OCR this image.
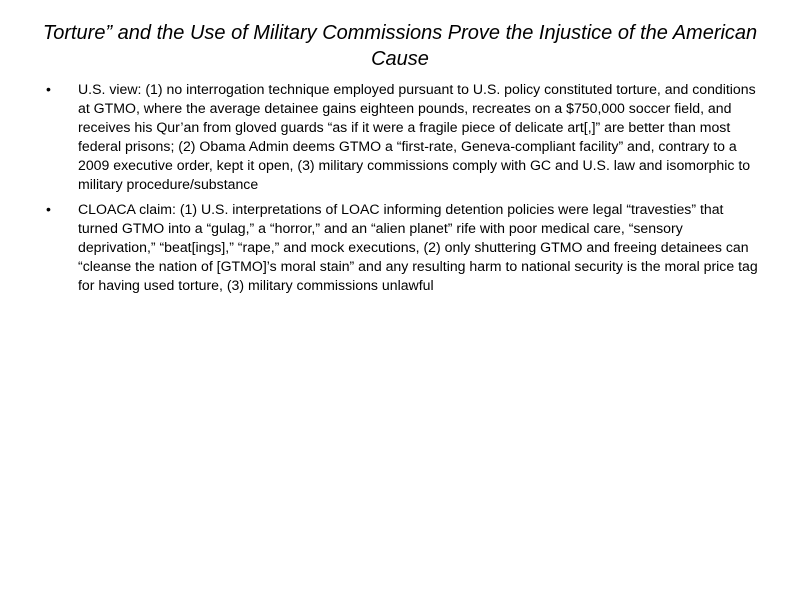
Torture” and the Use of Military Commissions Prove the Injustice of the American Cause
•	U.S. view: (1) no interrogation technique employed pursuant to U.S. policy constituted torture, and conditions at GTMO, where the average detainee gains eighteen pounds, recreates on a $750,000 soccer field, and receives his Qur’an from gloved guards “as if it were a fragile piece of delicate art[,]” are better than most federal prisons; (2) Obama Admin deems GTMO a “first-rate, Geneva-compliant facility” and, contrary to a 2009 executive order, kept it open, (3) military commissions comply with GC and U.S. law and isomorphic to military procedure/substance
•	CLOACA claim: (1) U.S. interpretations of LOAC informing detention policies were legal “travesties” that turned GTMO into a “gulag,” a “horror,” and an “alien planet” rife with poor medical care, “sensory deprivation,” “beat[ings],” “rape,” and mock executions, (2) only shuttering GTMO and freeing detainees can “cleanse the nation of [GTMO]’s moral stain” and any resulting harm to national security is the moral price tag for having used torture, (3) military commissions unlawful
